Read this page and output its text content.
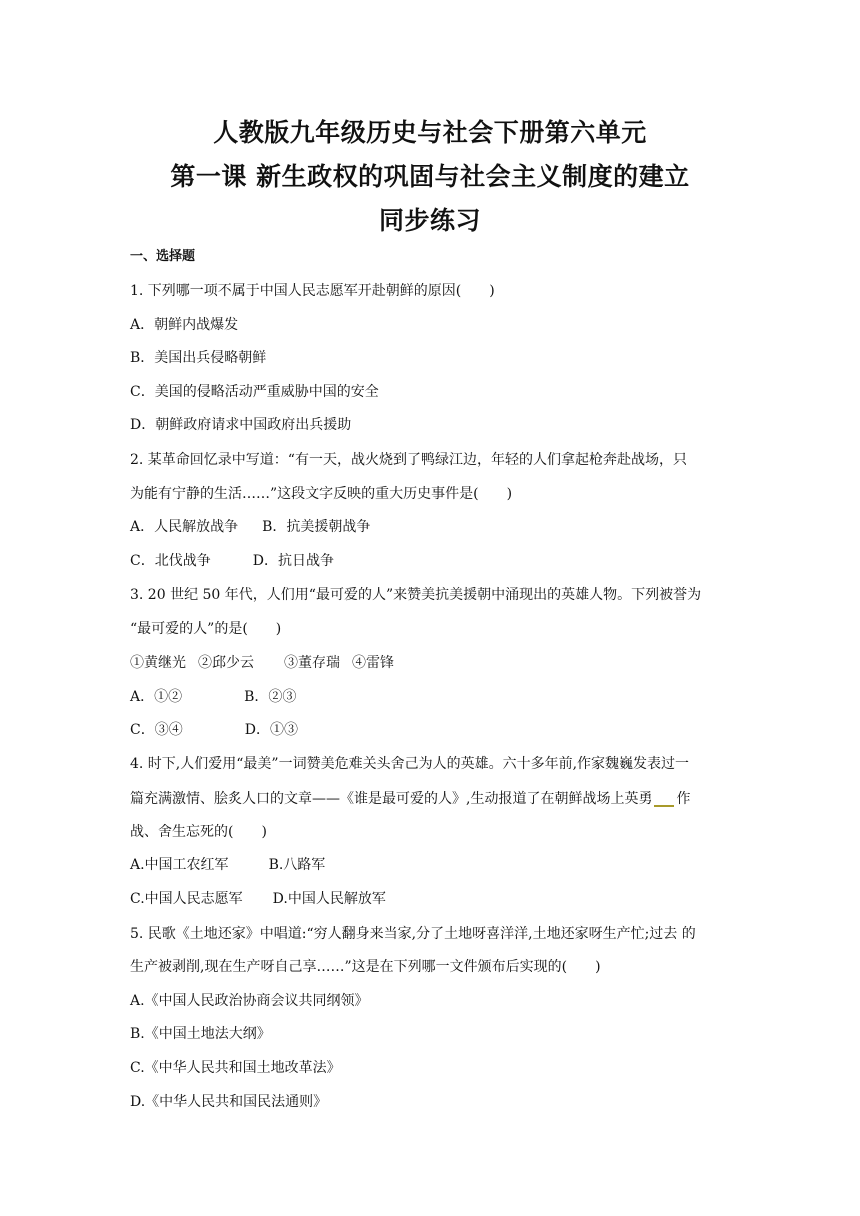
人教版九年级历史与社会下册第六单元
第一课 新生政权的巩固与社会主义制度的建立
同步练习
一、选择题
1. 下列哪一项不属于中国人民志愿军开赴朝鲜的原因(　　)
A．朝鲜内战爆发
B．美国出兵侵略朝鲜
C．美国的侵略活动严重威胁中国的安全
D．朝鲜政府请求中国政府出兵援助
2. 某革命回忆录中写道：“有一天，战火烧到了鸭绿江边，年轻的人们拿起枪奔赴战场，只
为能有宁静的生活……”这段文字反映的重大历史事件是(　　)
A．人民解放战争 B．抗美援朝战争
C．北伐战争	D．抗日战争
3. 20 世纪 50 年代，人们用“最可爱的人”来赞美抗美援朝中涌现出的英雄人物。下列被誉为
“最可爱的人”的是(　　)
①黄继光 ②邱少云 ③董存瑞 ④雷锋
A．①②	B．②③
C．③④	D．①③
4. 时下,人们爱用“最美”一词赞美危难关头舍己为人的英雄。六十多年前,作家魏巍发表过一
篇充满激情、脍炙人口的文章——《谁是最可爱的人》,生动报道了在朝鲜战场上英勇 作
战、舍生忘死的(　　)
A.中国工农红军	B.八路军
C.中国人民志愿军 D.中国人民解放军
5. 民歌《土地还家》中唱道:“穷人翻身来当家,分了土地呀喜洋洋,土地还家呀生产忙;过去 的
生产被剥削,现在生产呀自己享……”这是在下列哪一文件颁布后实现的(　　)
A.《中国人民政治协商会议共同纲领》
B.《中国土地法大纲》
C.《中华人民共和国土地改革法》
D.《中华人民共和国民法通则》
